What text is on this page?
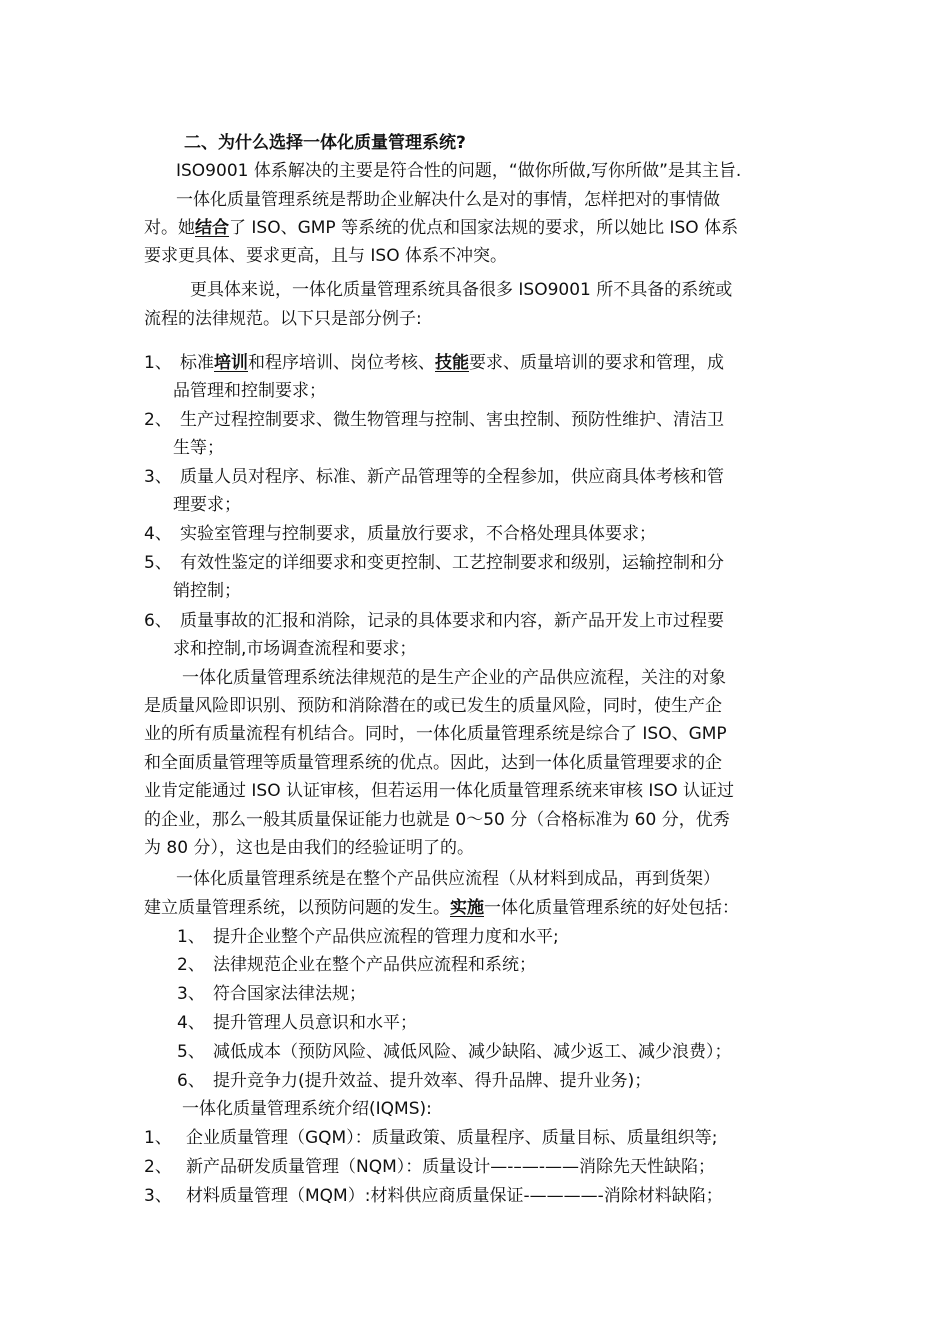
二、为什么选择一体化质量管理系统?
ISO9001 体系解决的主要是符合性的问题，“做你所做,写你所做”是其主旨.
一体化质量管理系统是帮助企业解决什么是对的事情，怎样把对的事情做
对。她结合了 ISO、GMP 等系统的优点和国家法规的要求，所以她比 ISO 体系
要求更具体、要求更高，且与 ISO 体系不冲突。
更具体来说，一体化质量管理系统具备很多 ISO9001 所不具备的系统或
流程的法律规范。以下只是部分例子:
1、 标准培训和程序培训、岗位考核、技能要求、质量培训的要求和管理，成
品管理和控制要求；
2、 生产过程控制要求、微生物管理与控制、害虫控制、预防性维护、清洁卫
生等；
3、 质量人员对程序、标准、新产品管理等的全程参加，供应商具体考核和管
理要求；
4、 实验室管理与控制要求，质量放行要求，不合格处理具体要求；
5、 有效性鉴定的详细要求和变更控制、工艺控制要求和级别，运输控制和分
销控制；
6、 质量事故的汇报和消除，记录的具体要求和内容，新产品开发上市过程要
求和控制,市场调查流程和要求；
一体化质量管理系统法律规范的是生产企业的产品供应流程，关注的对象
是质量风险即识别、预防和消除潜在的或已发生的质量风险，同时，使生产企
业的所有质量流程有机结合。同时，一体化质量管理系统是综合了 ISO、GMP
和全面质量管理等质量管理系统的优点。因此，达到一体化质量管理要求的企
业肯定能通过 ISO 认证审核，但若运用一体化质量管理系统来审核 ISO 认证过
的企业，那么一般其质量保证能力也就是 0～50 分（合格标准为 60 分，优秀
为 80 分），这也是由我们的经验证明了的。
一体化质量管理系统是在整个产品供应流程（从材料到成品，再到货架）
建立质量管理系统，以预防问题的发生。实施一体化质量管理系统的好处包括：
1、 提升企业整个产品供应流程的管理力度和水平;
2、 法律规范企业在整个产品供应流程和系统；
3、 符合国家法律法规；
4、 提升管理人员意识和水平；
5、 减低成本（预防风险、减低风险、减少缺陷、减少返工、减少浪费）；
6、 提升竞争力(提升效益、提升效率、得升品牌、提升业务)；
一体化质量管理系统介绍(IQMS):
1、 企业质量管理（GQM）：质量政策、质量程序、质量目标、质量组织等;
2、 新产品研发质量管理（NQM）：质量设计—-–—-——消除先天性缺陷；
3、 材料质量管理（MQM）:材料供应商质量保证-————-消除材料缺陷；
